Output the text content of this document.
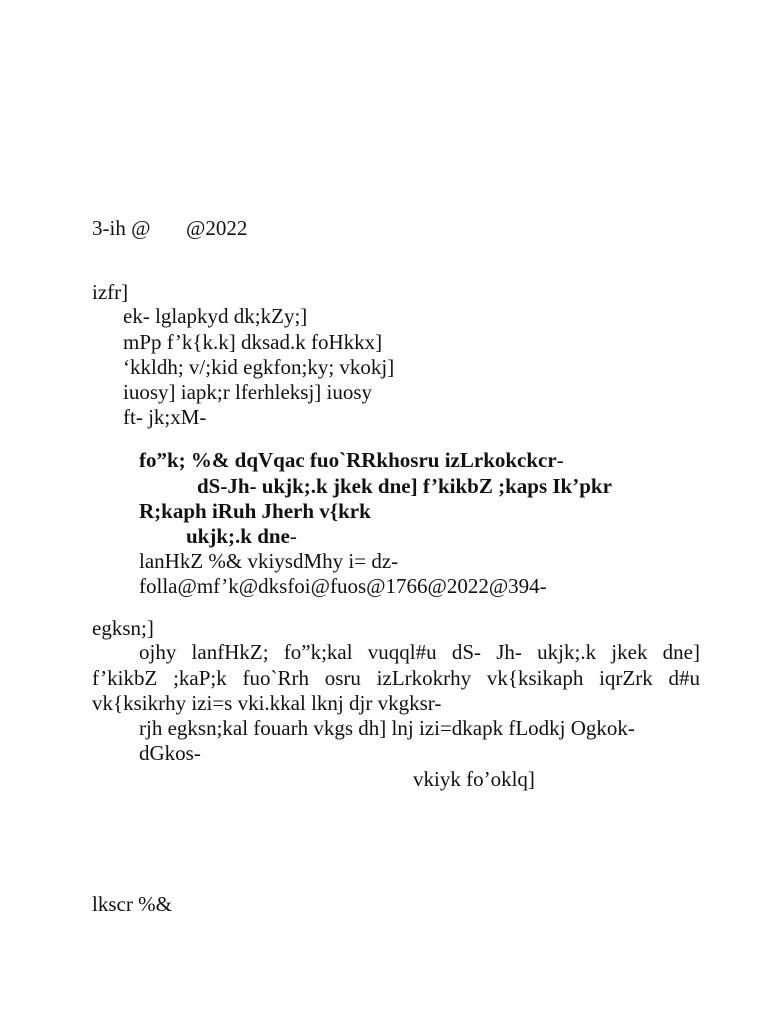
3-ih @ @2022
izfr]
ek- lglapkyd dk;kZy;]
mPp f’k{k.k] dksad.k foHkkx]
‘kkldh; v/;kid egkfon;ky; vkokj]
iuosy] iapk;r lferhleksj] iuosy
ft- jk;xM-
fo”k; %& dqVqac fuo`RRkhosru izLrkokckcr-
dS-Jh- ukjk;.k jkek dne] f’kikbZ ;kaps Ik’pkr
R;kaph iRuh Jherh v{krk
ukjk;.k dne-
lanHkZ %& vkiysdMhy i= dz-
folla@mf’k@dksfoi@fuos@1766@2022@394-
egksn;]
ojhy lanfHkZ; fo”k;kal vuqql#u dS- Jh- ukjk;.k jkek dne]
f’kikbZ ;kaP;k fuo`Rrh osru izLrkokrhy vk{ksikaph iqrZrk d#u
vk{ksikrhy izi=s vki.kkal lknj djr vkgksr-
rjh egksn;kal fouarh vkgs dh] lnj izi=dkapk fLodkj Ogkok-
dGkos-
vkiyk fo’oklq]
lkscr %&
